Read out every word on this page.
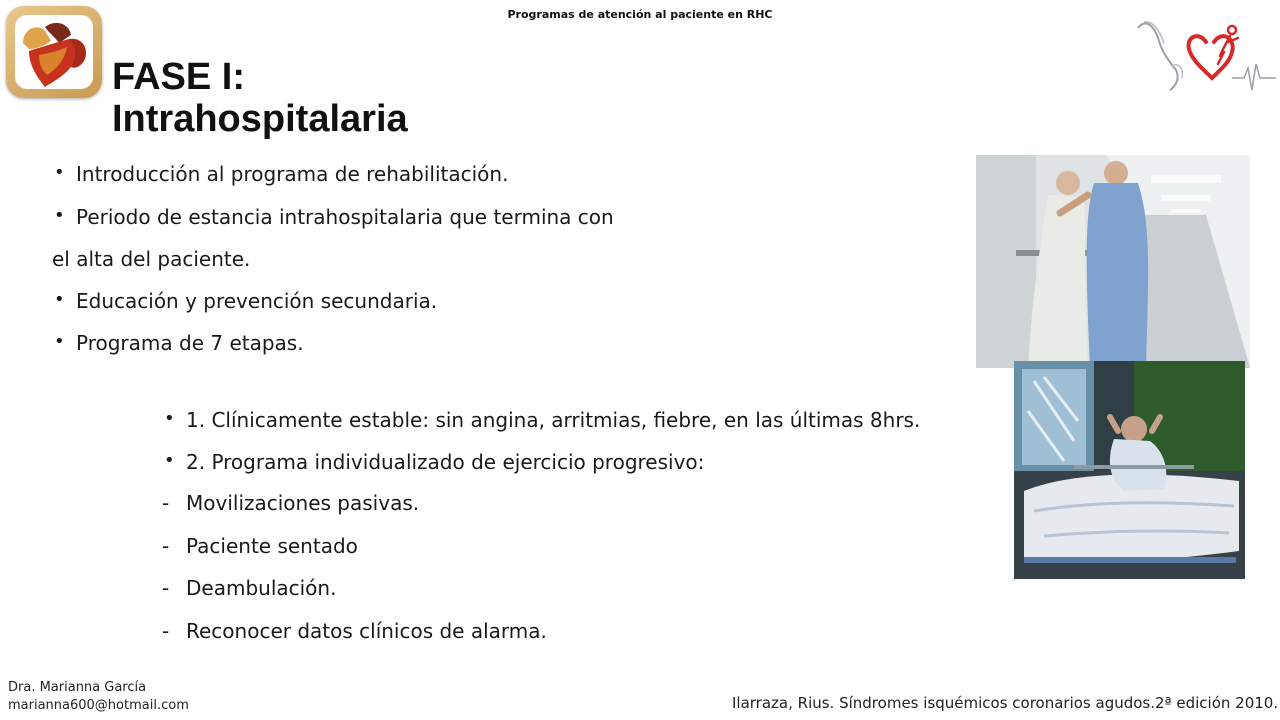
Programas de atención al paciente en RHC
FASE I:
Intrahospitalaria
• Introducción al programa de rehabilitación.
• Periodo de estancia intrahospitalaria que termina con
el alta del paciente.
• Educación y prevención secundaria.
• Programa de 7 etapas.
• 1. Clínicamente estable: sin angina, arritmias, fiebre, en las últimas 8hrs.
• 2. Programa individualizado de ejercicio progresivo:
- Movilizaciones pasivas.
- Paciente sentado
- Deambulación.
- Reconocer datos clínicos de alarma.
Dra. Marianna García
marianna600@hotmail.com	Ilarraza, Rius. Síndromes isquémicos coronarios agudos.2ª edición 2010.
